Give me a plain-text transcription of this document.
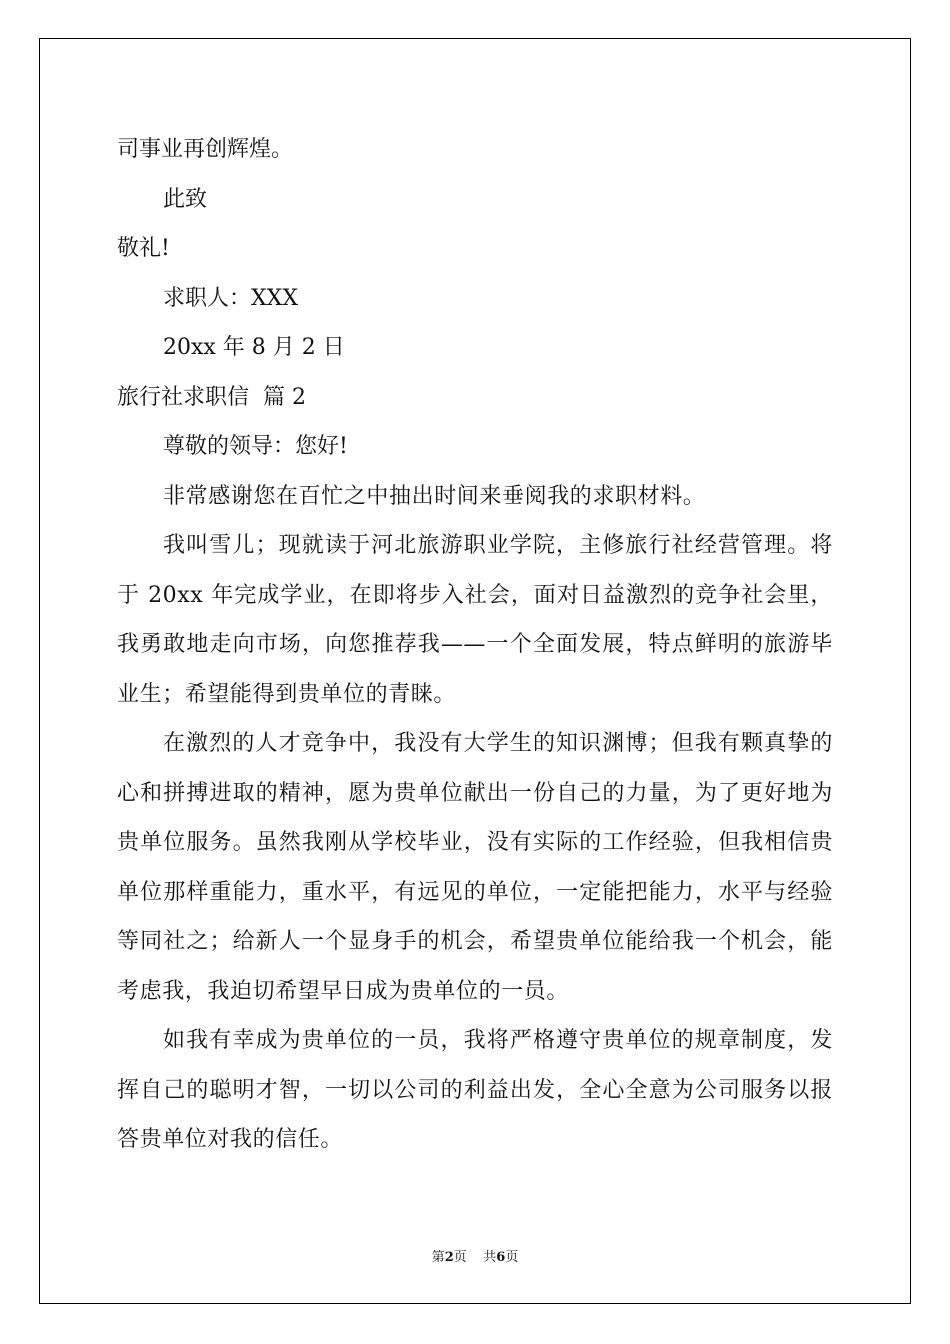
司事业再创辉煌。
此致
敬礼!
求职人：XXX
20xx 年 8 月 2 日
旅行社求职信  篇 2
尊敬的领导：您好!
非常感谢您在百忙之中抽出时间来垂阅我的求职材料。
我叫雪儿；现就读于河北旅游职业学院，主修旅行社经营管理。将于 20xx 年完成学业，在即将步入社会，面对日益激烈的竞争社会里，我勇敢地走向市场，向您推荐我——一个全面发展，特点鲜明的旅游毕业生；希望能得到贵单位的青睐。
在激烈的人才竞争中，我没有大学生的知识渊博；但我有颗真挚的心和拼搏进取的精神，愿为贵单位献出一份自己的力量，为了更好地为贵单位服务。虽然我刚从学校毕业，没有实际的工作经验，但我相信贵单位那样重能力，重水平，有远见的单位，一定能把能力，水平与经验等同社之；给新人一个显身手的机会，希望贵单位能给我一个机会，能考虑我，我迫切希望早日成为贵单位的一员。
如我有幸成为贵单位的一员，我将严格遵守贵单位的规章制度，发挥自己的聪明才智，一切以公司的利益出发，全心全意为公司服务以报答贵单位对我的信任。
第2页    共6页
